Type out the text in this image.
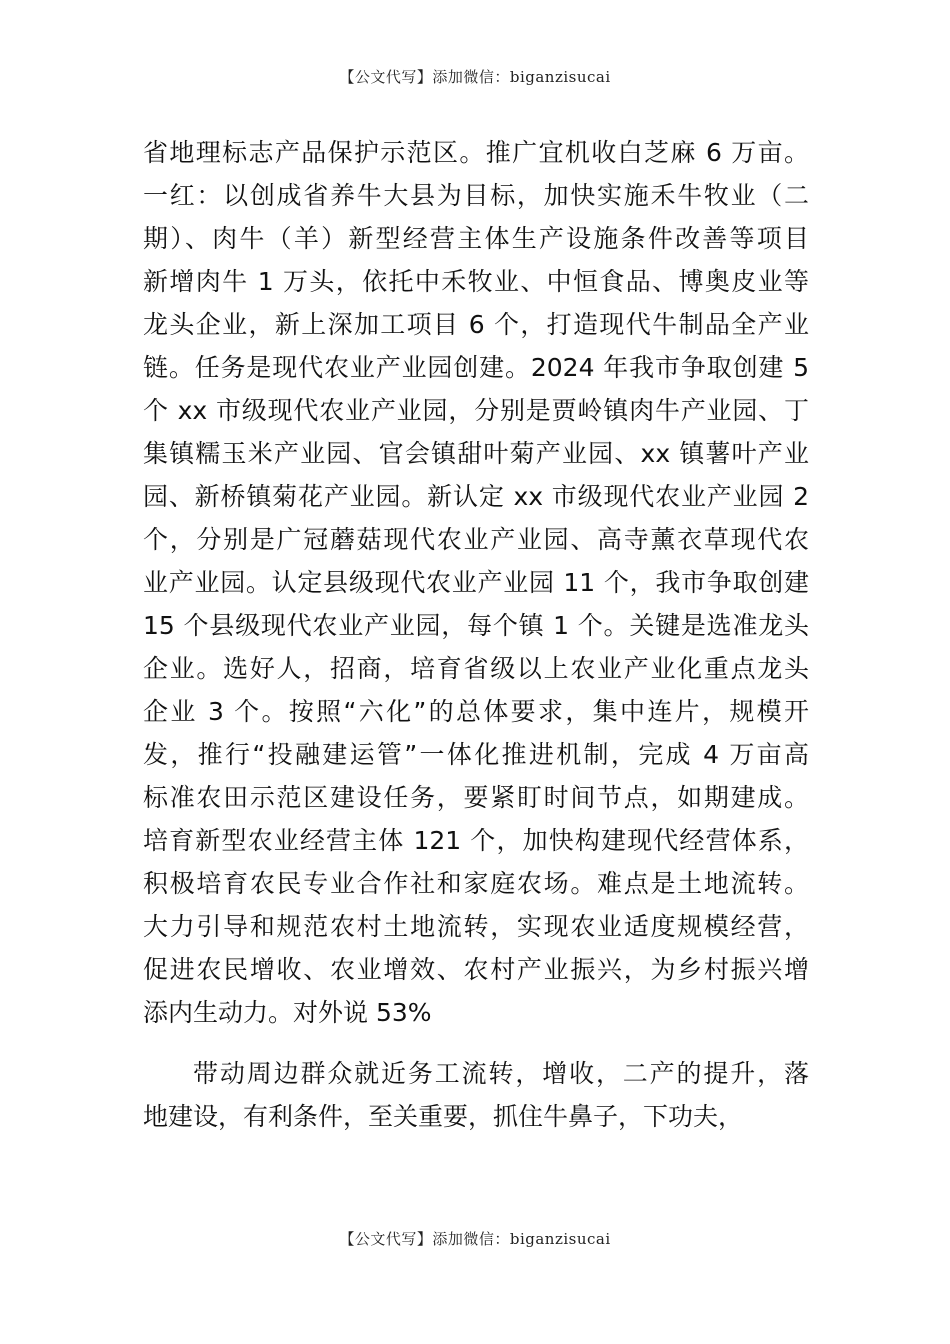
【公文代写】添加微信：biganzisucai
省地理标志产品保护示范区。推广宜机收白芝麻 6 万亩。
一红：以创成省养牛大县为目标，加快实施禾牛牧业（二
期）、肉牛（羊）新型经营主体生产设施条件改善等项目
新增肉牛 1 万头，依托中禾牧业、中恒食品、博奥皮业等
龙头企业，新上深加工项目 6 个，打造现代牛制品全产业
链。任务是现代农业产业园创建。2024 年我市争取创建 5
个 xx 市级现代农业产业园，分别是贾岭镇肉牛产业园、丁
集镇糯玉米产业园、官会镇甜叶菊产业园、xx 镇薯叶产业
园、新桥镇菊花产业园。新认定 xx 市级现代农业产业园 2
个，分别是广冠蘑菇现代农业产业园、高寺薰衣草现代农
业产业园。认定县级现代农业产业园 11 个，我市争取创建
15 个县级现代农业产业园，每个镇 1 个。关键是选准龙头
企业。选好人，招商，培育省级以上农业产业化重点龙头
企业 3 个。按照“六化”的总体要求，集中连片，规模开
发，推行“投融建运管”一体化推进机制，完成 4 万亩高
标准农田示范区建设任务，要紧盯时间节点，如期建成。
培育新型农业经营主体 121 个，加快构建现代经营体系，
积极培育农民专业合作社和家庭农场。难点是土地流转。
大力引导和规范农村土地流转，实现农业适度规模经营，
促进农民增收、农业增效、农村产业振兴，为乡村振兴增
添内生动力。对外说 53%
带动周边群众就近务工流转，增收，二产的提升，落
地建设，有利条件，至关重要，抓住牛鼻子，下功夫，
【公文代写】添加微信：biganzisucai
